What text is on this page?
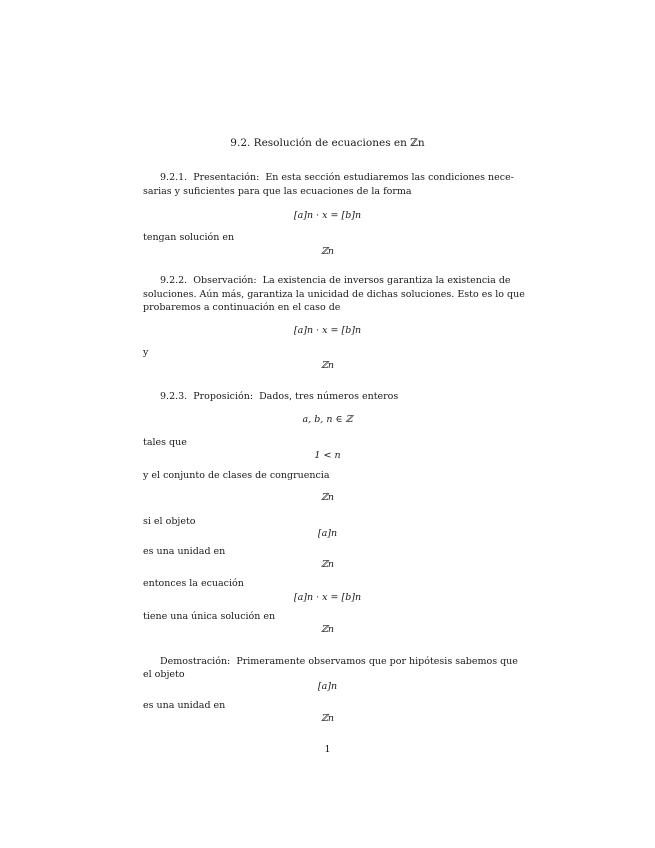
9.2. Resolución de ecuaciones en ℤn
9.2.1. Presentación: En esta sección estudiaremos las condiciones nece-
sarias y suficientes para que las ecuaciones de la forma
[a]n · x = [b]n
tengan solución en
ℤn
9.2.2. Observación: La existencia de inversos garantiza la existencia de
soluciones. Aún más, garantiza la unicidad de dichas soluciones. Esto es lo que
probaremos a continuación en el caso de
[a]n · x = [b]n
y
ℤn
9.2.3. Proposición: Dados, tres números enteros
a, b, n ∈ ℤ
tales que
1 < n
y el conjunto de clases de congruencia
ℤn
si el objeto
[a]n
es una unidad en
ℤn
entonces la ecuación
[a]n · x = [b]n
tiene una única solución en
ℤn
Demostración: Primeramente observamos que por hipótesis sabemos que
el objeto
[a]n
es una unidad en
ℤn
1
